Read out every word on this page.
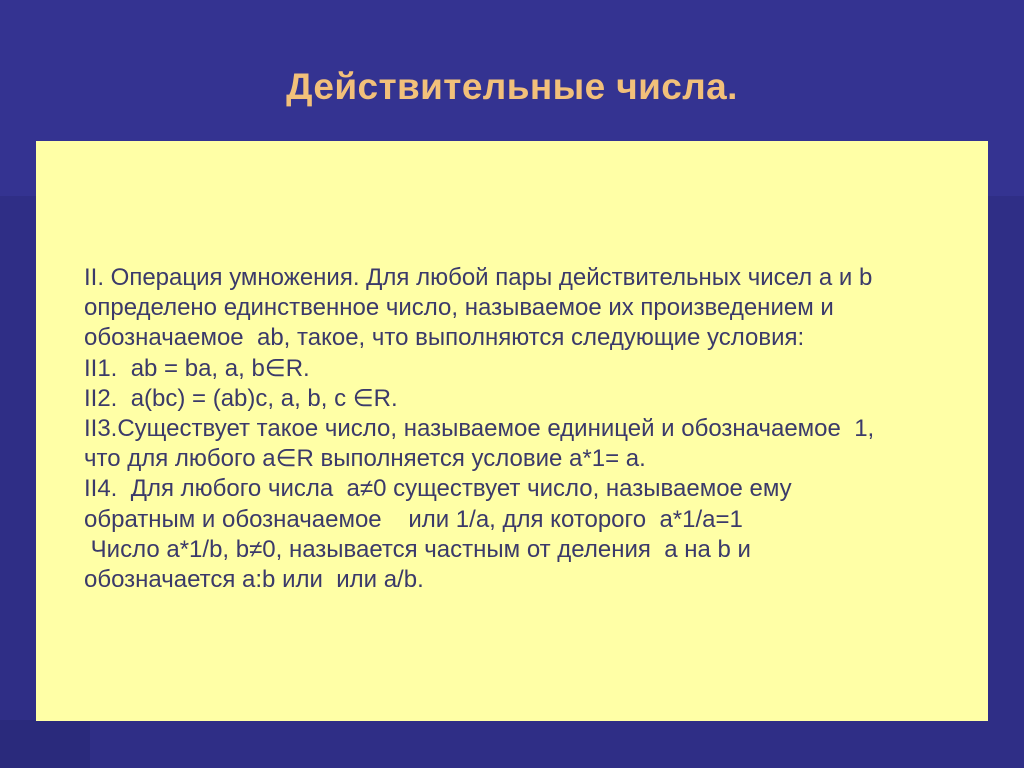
Действительные числа.
II. Операция умножения. Для любой пары действительных чисел a и b
определено единственное число, называемое их произведением и
обозначаемое  ab, такое, что выполняются следующие условия:
II1.  ab = ba, a, b∈R.
II2.  a(bc) = (ab)c, a, b, c ∈R.
II3.Существует такое число, называемое единицей и обозначаемое  1,
что для любого a∈R выполняется условие a*1= a.
II4.  Для любого числа  a≠0 существует число, называемое ему
обратным и обозначаемое    или 1/a, для которого  a*1/a=1
Число a*1/b, b≠0, называется частным от деления  a на b и
обозначается a:b или  или a/b.
